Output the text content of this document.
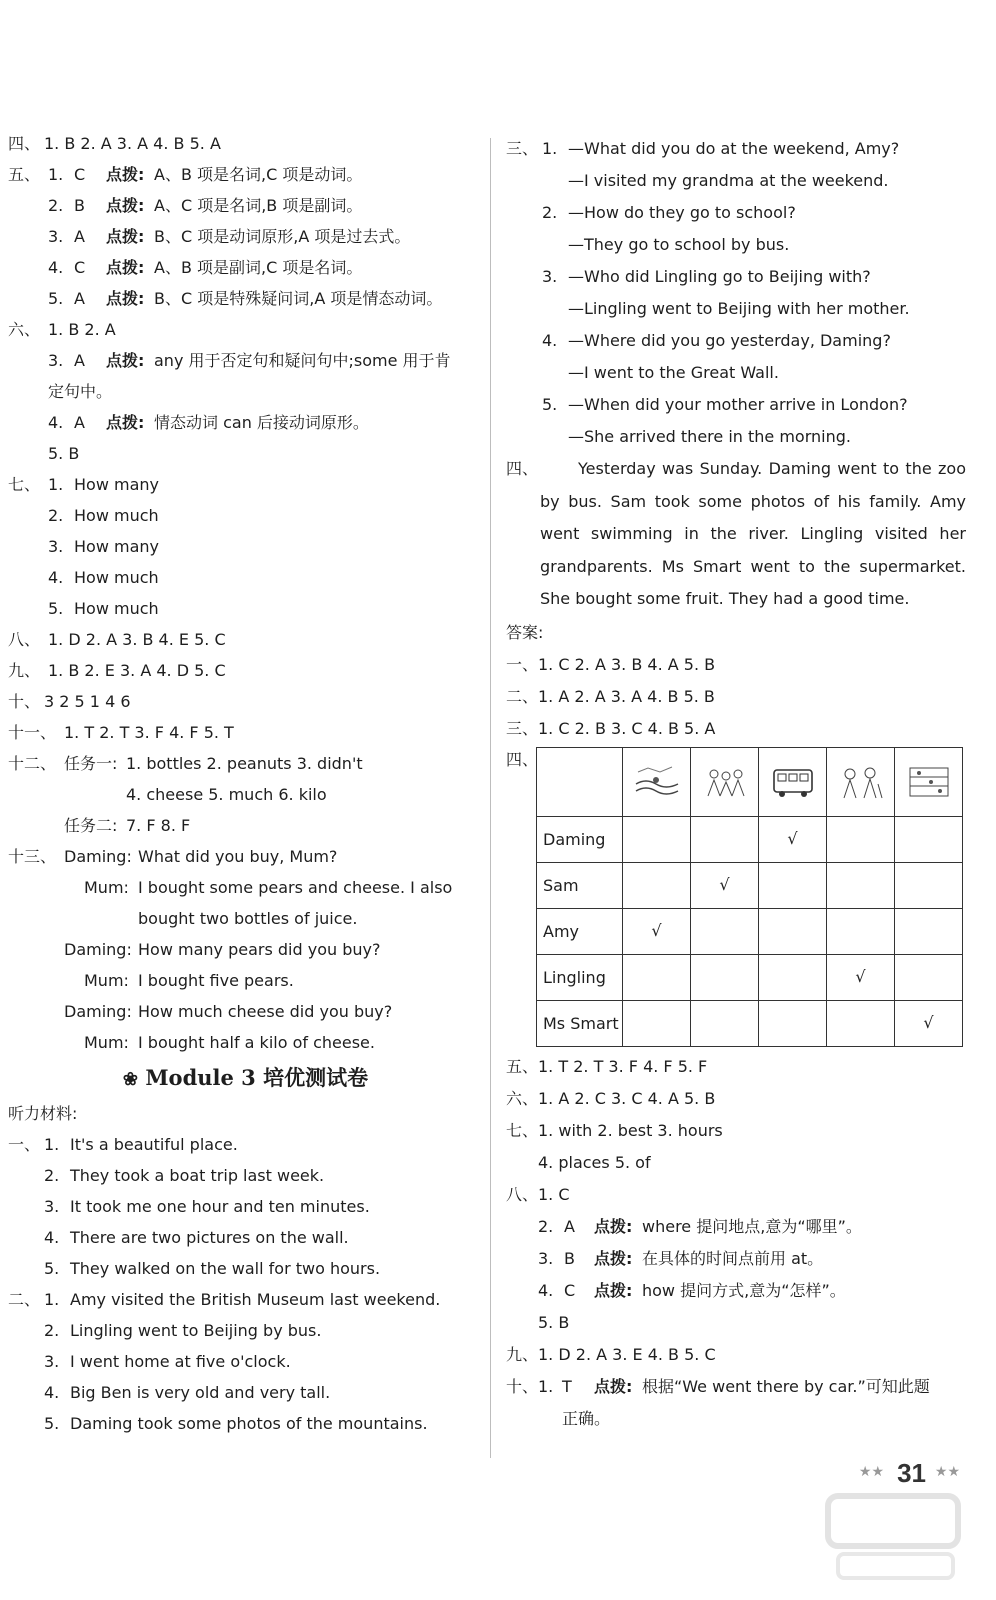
四、 1. B 2. A 3. A 4. B 5. A
五、 1. C 点拨: A、B 项是名词,C 项是动词。
2. B 点拨: A、C 项是名词,B 项是副词。
3. A 点拨: B、C 项是动词原形,A 项是过去式。
4. C 点拨: A、B 项是副词,C 项是名词。
5. A 点拨: B、C 项是特殊疑问词,A 项是情态动词。
六、 1. B 2. A
3. A 点拨: any 用于否定句和疑问句中;some 用于肯
定句中。
4. A 点拨: 情态动词 can 后接动词原形。
5. B
七、 1. How many
2. How much
3. How many
4. How much
5. How much
八、 1. D 2. A 3. B 4. E 5. C
九、 1. B 2. E 3. A 4. D 5. C
十、 3 2 5 1 4 6
十一、 1. T 2. T 3. F 4. F 5. T
十二、 任务一: 1. bottles 2. peanuts 3. didn't
4. cheese 5. much 6. kilo
任务二: 7. F 8. F
十三、 Daming: What did you buy, Mum?
Mum: I bought some pears and cheese. I also
bought two bottles of juice.
Daming: How many pears did you buy?
Mum: I bought five pears.
Daming: How much cheese did you buy?
Mum: I bought half a kilo of cheese.
❀ Module 3 培优测试卷
听力材料:
一、 1. It's a beautiful place.
2. They took a boat trip last week.
3. It took me one hour and ten minutes.
4. There are two pictures on the wall.
5. They walked on the wall for two hours.
二、 1. Amy visited the British Museum last weekend.
2. Lingling went to Beijing by bus.
3. I went home at five o'clock.
4. Big Ben is very old and very tall.
5. Daming took some photos of the mountains.
三、 1. —What did you do at the weekend, Amy?
—I visited my grandma at the weekend.
2. —How do they go to school?
—They go to school by bus.
3. —Who did Lingling go to Beijing with?
—Lingling went to Beijing with her mother.
4. —Where did you go yesterday, Daming?
—I went to the Great Wall.
5. —When did your mother arrive in London?
—She arrived there in the morning.
四、	Yesterday was Sunday. Daming went to the zoo by bus. Sam took some photos of his family. Amy went swimming in the river. Lingling visited her grandparents. Ms Smart went to the supermarket. She bought some fruit. They had a good time.
答案:
一、 1. C 2. A 3. B 4. A 5. B
二、 1. A 2. A 3. A 4. B 5. B
三、 1. C 2. B 3. C 4. B 5. A
四、

Daming			√		
Sam		√			
Amy	√				
Lingling				√	
Ms Smart					√
五、 1. T 2. T 3. F 4. F 5. F
六、 1. A 2. C 3. C 4. A 5. B
七、 1. with 2. best 3. hours
4. places 5. of
八、 1. C
2. A 点拨: where 提问地点,意为“哪里”。
3. B 点拨: 在具体的时间点前用 at。
4. C 点拨: how 提问方式,意为“怎样”。
5. B
九、 1. D 2. A 3. E 4. B 5. C
十、 1. T 点拨: 根据“We went there by car.”可知此题
正确。
★★ 31 ★★
